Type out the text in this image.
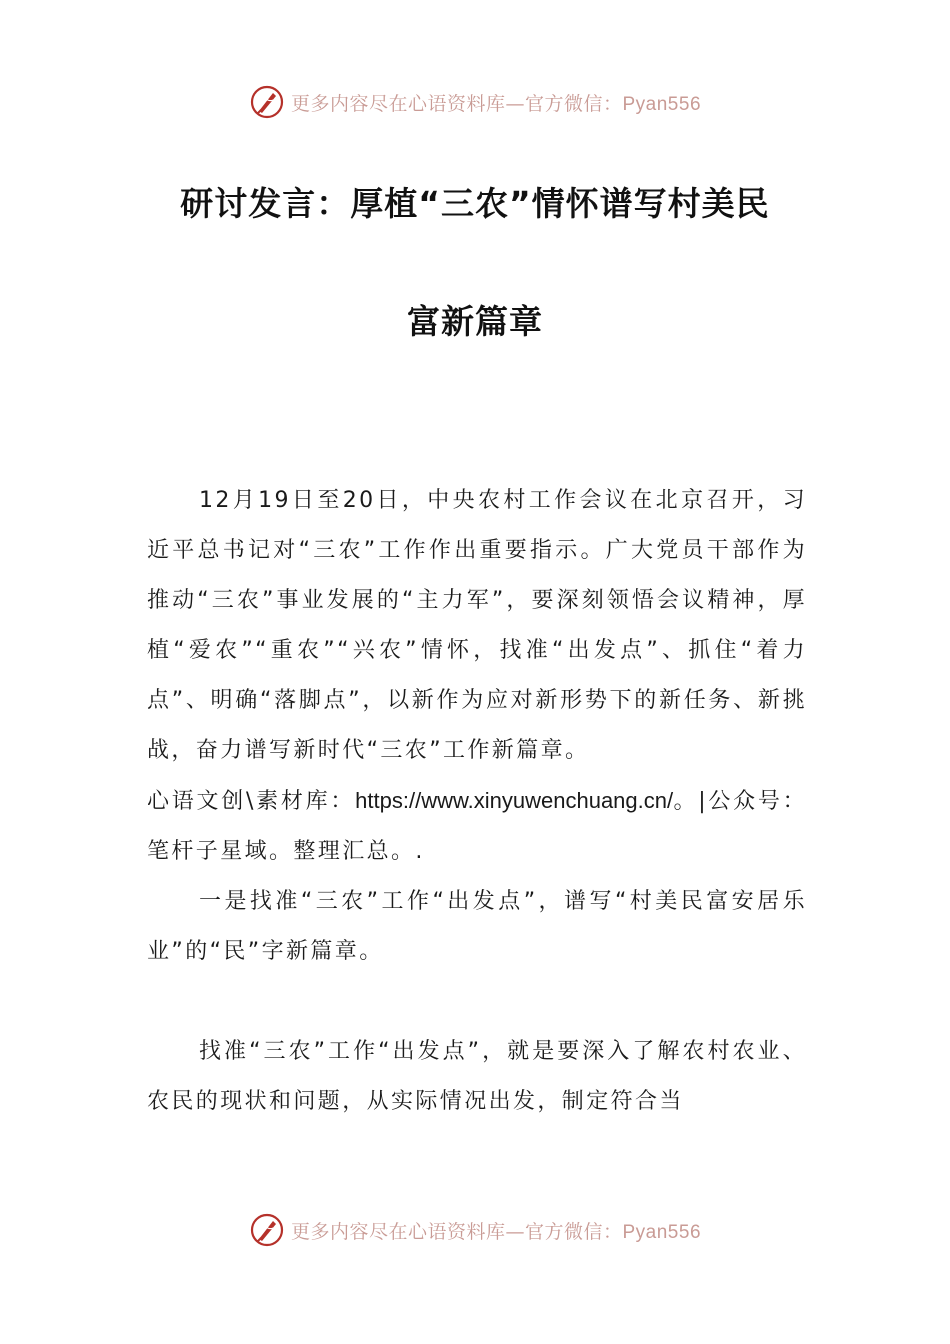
更多内容尽在心语资料库—官方微信：Pyan556
研讨发言：厚植“三农”情怀谱写村美民
富新篇章

12月19日至20日，中央农村工作会议在北京召开，习近平总书记对“三农”工作作出重要指示。广大党员干部作为推动“三农”事业发展的“主力军”，要深刻领悟会议精神，厚植“爱农”“重农”“兴农”情怀，找准“出发点”、抓住“着力点”、明确“落脚点”，以新作为应对新形势下的新任务、新挑战，奋力谱写新时代“三农”工作新篇章。

心语文创\素材库：https://www.xinyuwenchuang.cn/。|公众号：笔杆子星域。整理汇总。.

一是找准“三农”工作“出发点”，谱写“村美民富安居乐业”的“民”字新篇章。

找准“三农”工作“出发点”，就是要深入了解农村农业、农民的现状和问题，从实际情况出发，制定符合当

更多内容尽在心语资料库—官方微信：Pyan556
